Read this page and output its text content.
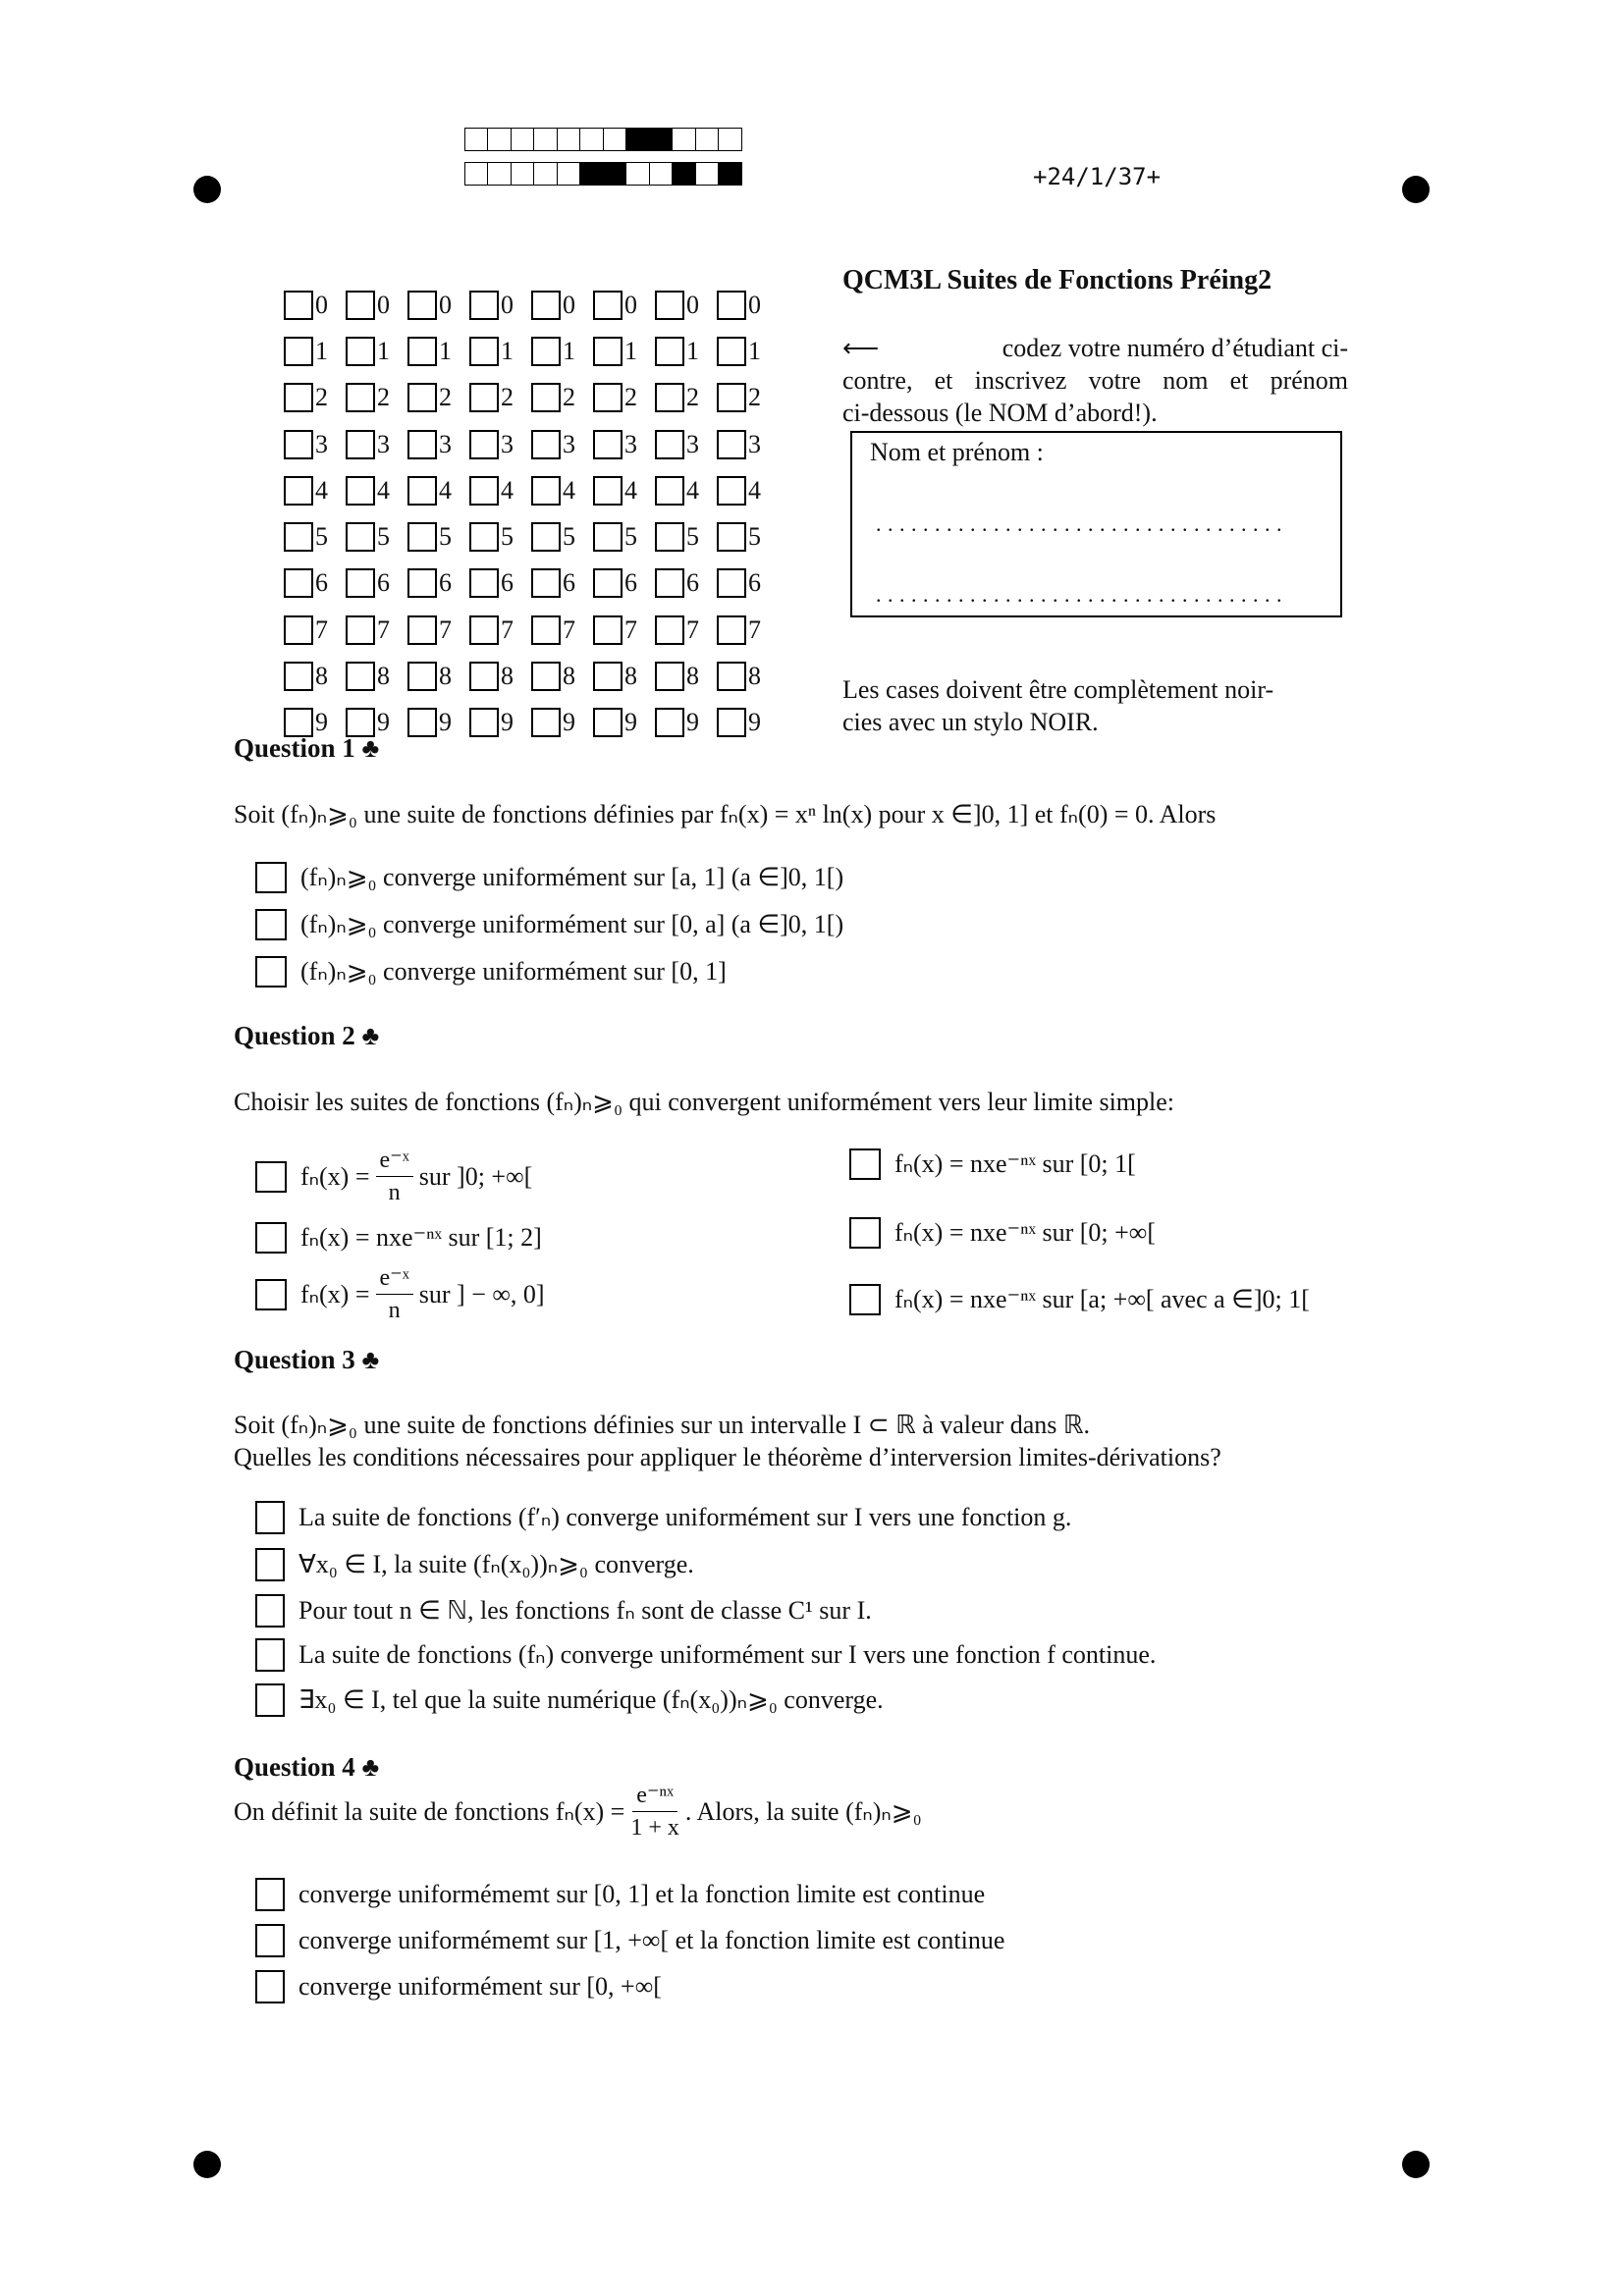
+24/1/37+
0 0 0 0 0 0 0 0
1 1 1 1 1 1 1 1
2 2 2 2 2 2 2 2
3 3 3 3 3 3 3 3
4 4 4 4 4 4 4 4
5 5 5 5 5 5 5 5
6 6 6 6 6 6 6 6
7 7 7 7 7 7 7 7
8 8 8 8 8 8 8 8
9 9 9 9 9 9 9 9
QCM3L Suites de Fonctions Préing2
⟵	codez votre numéro d’étudiant ci-
contre, et inscrivez votre nom et prénom
ci-dessous (le NOM d’abord!).
Nom et prénom :
...................................
...................................
Les cases doivent être complètement noir-
cies avec un stylo NOIR.
Question 1 ♣
Soit (fₙ)ₙ⩾₀ une suite de fonctions définies par fₙ(x) = xⁿ ln(x) pour x ∈]0, 1] et fₙ(0) = 0. Alors
(fₙ)ₙ⩾₀ converge uniformément sur [a, 1] (a ∈]0, 1[)
(fₙ)ₙ⩾₀ converge uniformément sur [0, a] (a ∈]0, 1[)
(fₙ)ₙ⩾₀ converge uniformément sur [0, 1]
Question 2 ♣
Choisir les suites de fonctions (fₙ)ₙ⩾₀ qui convergent uniformément vers leur limite simple:
$f_n(x) = \frac{\text{e⁻ˣ}}{n}$ sur ]0; +∞[
fₙ(x) = nxe⁻ⁿˣ sur [1; 2]
$f_n(x) = \frac{\text{e⁻ˣ}}{n}$ sur ] − ∞, 0]
fₙ(x) = nxe⁻ⁿˣ sur [0; 1[
fₙ(x) = nxe⁻ⁿˣ sur [0; +∞[
fₙ(x) = nxe⁻ⁿˣ sur [a; +∞[ avec a ∈]0; 1[
Question 3 ♣
Soit (fₙ)ₙ⩾₀ une suite de fonctions définies sur un intervalle I ⊂ ℝ à valeur dans ℝ.
Quelles les conditions nécessaires pour appliquer le théorème d’interversion limites-dérivations?
La suite de fonctions (f′ₙ) converge uniformément sur I vers une fonction g.
∀x₀ ∈ I, la suite (fₙ(x₀))ₙ⩾₀ converge.
Pour tout n ∈ ℕ, les fonctions fₙ sont de classe C¹ sur I.
La suite de fonctions (fₙ) converge uniformément sur I vers une fonction f continue.
∃x₀ ∈ I, tel que la suite numérique (fₙ(x₀))ₙ⩾₀ converge.
Question 4 ♣
On définit la suite de fonctions $f_n(x) = \frac{\text{e⁻ⁿˣ}}{1 + x}$ . Alors, la suite (fₙ)ₙ⩾₀
converge uniformémemt sur [0, 1] et la fonction limite est continue
converge uniformémemt sur [1, +∞[ et la fonction limite est continue
converge uniformément sur [0, +∞[
